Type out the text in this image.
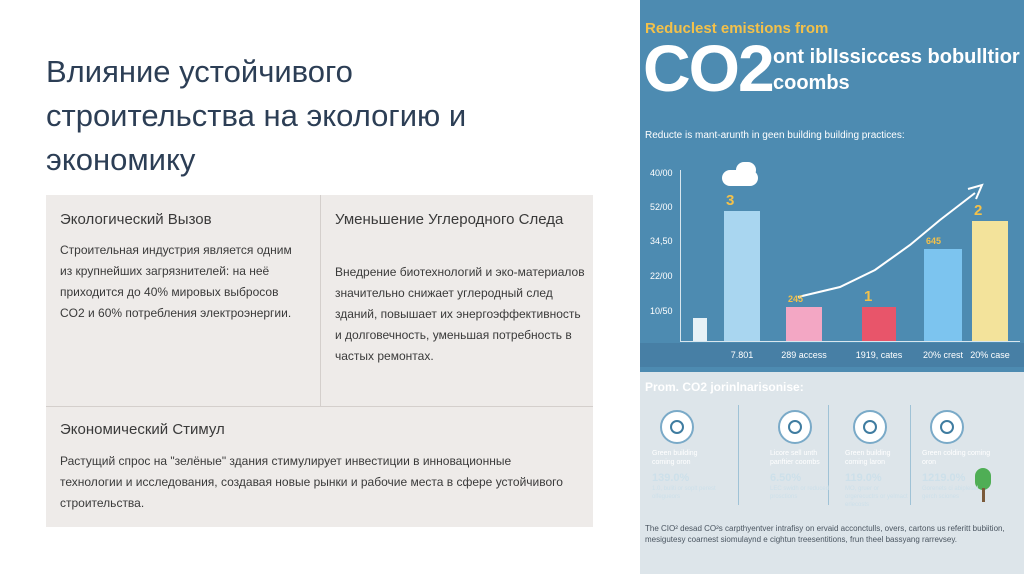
Влияние устойчивого строительства на экологию и экономику
Экологический Вызов
Строительная индустрия является одним из крупнейших загрязнителей: на неё приходится до 40% мировых выбросов CO2 и 60% потребления электроэнергии.
Уменьшение Углеродного Следа
Внедрение биотехнологий и эко-материалов значительно снижает углеродный след зданий, повышает их энергоэффективность и долговечность, уменьшая потребность в частых ремонтах.
Экономический Стимул
Растущий спрос на "зелёные" здания стимулирует инвестиции в инновационные технологии и исследования, создавая новые рынки и рабочие места в сфере устойчивого строительства.
Reduclest emistions from
CO2 ont iblIssiccess bobulltior coombs
Reducte is mant-arunth in geen building building practices:
Prom. CO2 jorinlnarisonise:
The CIO² desad CO²s carpthyentver intrafisy on ervaid acconctulls, overs, cartons us referitt bubiition, mesigutesy coarnest siomulaynd e cightun treesentitions, frun theel bassyang rarrevsey.
40/00
52/00
34,50
22/00
10/50
3
7.801
245
289 access
1
1919, cates
645
20% crest
2
20% case
Green building coming oron
139.0%
1.0, buliti or soplt perest olfegueors
Licore sell unth panftier coombs
6.50%
LEC swidh or reduced prosctions
Green building coming laron
119.0%
MO, gruer or orgerecuctrs or yelmact erlecosts
Green colding coming oron
1219.0%
Gorenets ci abiplelad gerch sciones
